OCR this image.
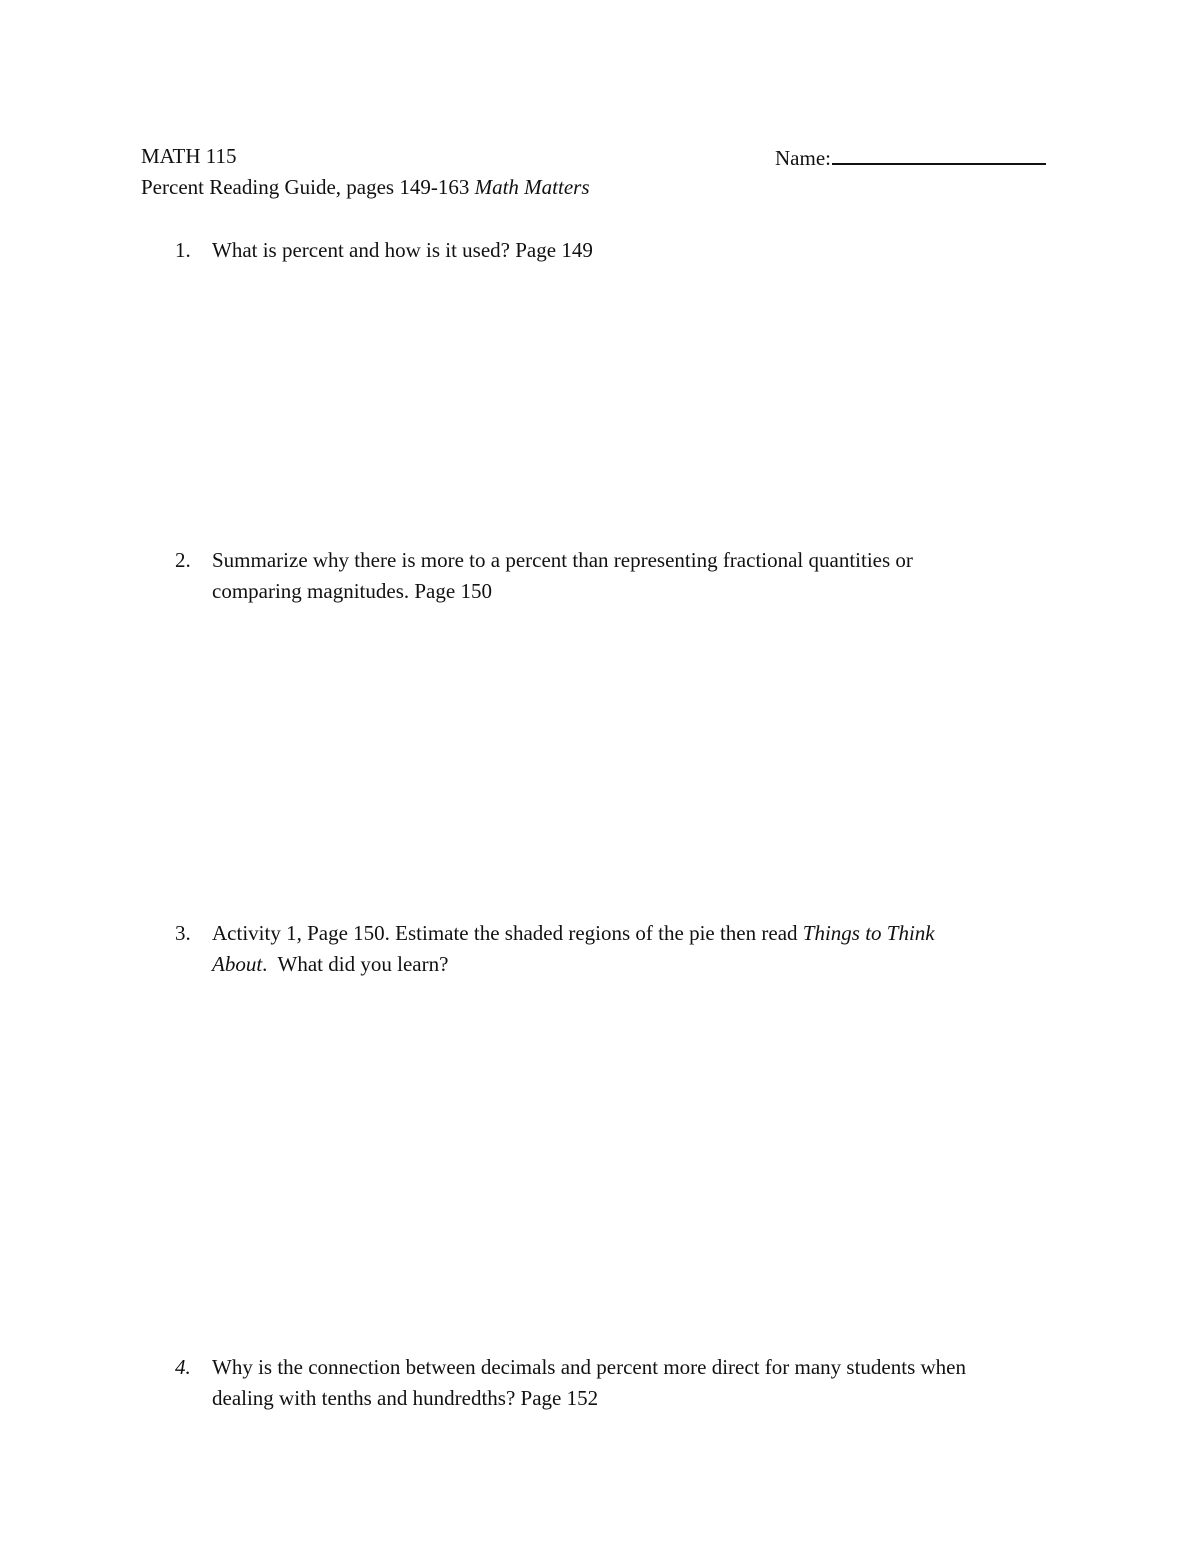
MATH 115	Name:
Percent Reading Guide, pages 149-163 Math Matters
1. What is percent and how is it used? Page 149
2. Summarize why there is more to a percent than representing fractional quantities or
comparing magnitudes. Page 150
3. Activity 1, Page 150. Estimate the shaded regions of the pie then read Things to Think
About.  What did you learn?
4. Why is the connection between decimals and percent more direct for many students when
dealing with tenths and hundredths? Page 152
